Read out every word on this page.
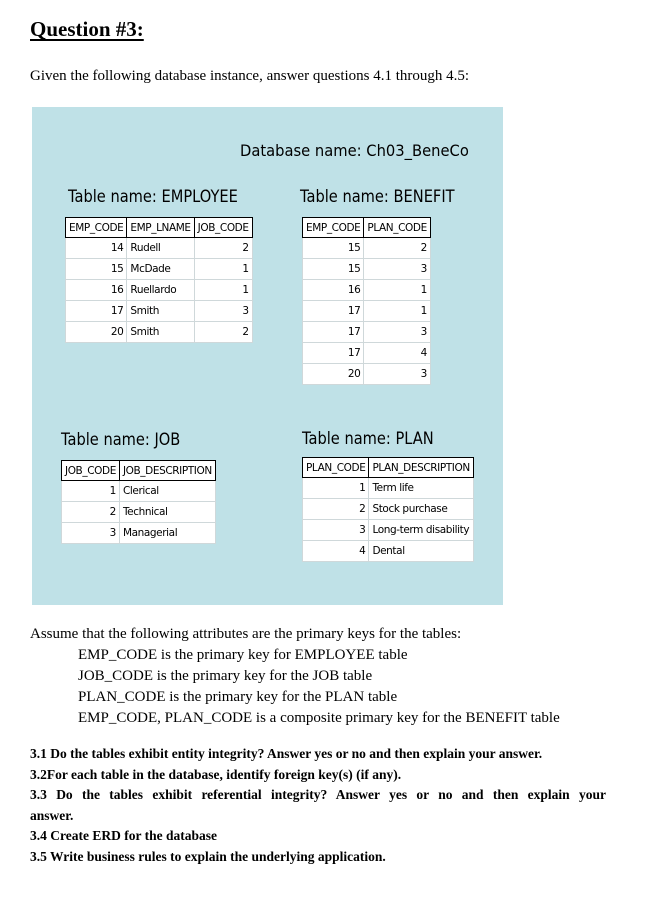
Question #3:
Given the following database instance, answer questions 4.1 through 4.5:
Database name: Ch03_BeneCo
Table name: EMPLOYEE
EMP_CODE	EMP_LNAME	JOB_CODE
14	Rudell	2
15	McDade	1
16	Ruellardo	1
17	Smith	3
20	Smith	2
Table name: BENEFIT
EMP_CODE	PLAN_CODE
15	2
15	3
16	1
17	1
17	3
17	4
20	3
Table name: JOB
JOB_CODE	JOB_DESCRIPTION
1	Clerical
2	Technical
3	Managerial
Table name: PLAN
PLAN_CODE	PLAN_DESCRIPTION
1	Term life
2	Stock purchase
3	Long-term disability
4	Dental
Assume that the following attributes are the primary keys for the tables:
EMP_CODE is the primary key for EMPLOYEE table
JOB_CODE is the primary key for the JOB table
PLAN_CODE is the primary key for the PLAN table
EMP_CODE, PLAN_CODE is a composite primary key for the BENEFIT table

3.1 Do the tables exhibit entity integrity? Answer yes or no and then explain your answer.

3.2For each table in the database, identify foreign key(s) (if any).

3.3 Do the tables exhibit referential integrity? Answer yes or no and then explain your

answer.

3.4 Create ERD for the database

3.5 Write business rules to explain the underlying application.
